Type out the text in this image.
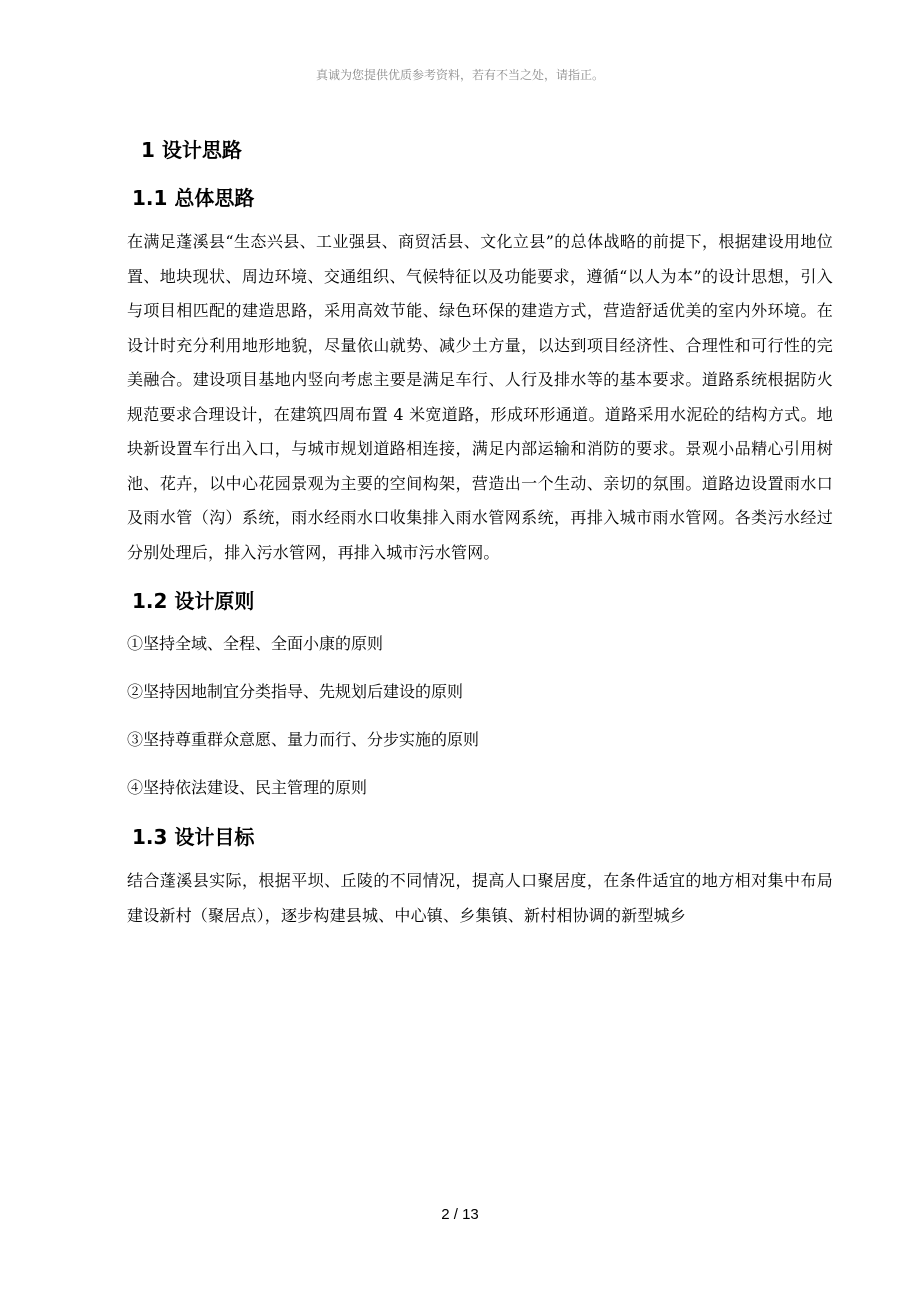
真诚为您提供优质参考资料，若有不当之处，请指正。
1 设计思路
1.1 总体思路

在满足蓬溪县“生态兴县、工业强县、商贸活县、文化立县”的总体战略的前提下，根据建设用地位置、地块现状、周边环境、交通组织、气候特征以及功能要求，遵循“以人为本”的设计思想，引入与项目相匹配的建造思路，采用高效节能、绿色环保的建造方式，营造舒适优美的室内外环境。在设计时充分利用地形地貌，尽量依山就势、减少土方量，以达到项目经济性、合理性和可行性的完美融合。建设项目基地内竖向考虑主要是满足车行、人行及排水等的基本要求。道路系统根据防火规范要求合理设计，在建筑四周布置 4 米宽道路，形成环形通道。道路采用水泥砼的结构方式。地块新设置车行出入口，与城市规划道路相连接，满足内部运输和消防的要求。景观小品精心引用树池、花卉，以中心花园景观为主要的空间构架，营造出一个生动、亲切的氛围。道路边设置雨水口及雨水管（沟）系统，雨水经雨水口收集排入雨水管网系统，再排入城市雨水管网。各类污水经过分别处理后，排入污水管网，再排入城市污水管网。

1.2 设计原则

①坚持全域、全程、全面小康的原则

②坚持因地制宜分类指导、先规划后建设的原则

③坚持尊重群众意愿、量力而行、分步实施的原则

④坚持依法建设、民主管理的原则

1.3 设计目标

结合蓬溪县实际，根据平坝、丘陵的不同情况，提高人口聚居度，在条件适宜的地方相对集中布局建设新村（聚居点），逐步构建县城、中心镇、乡集镇、新村相协调的新型城乡

2 / 13
